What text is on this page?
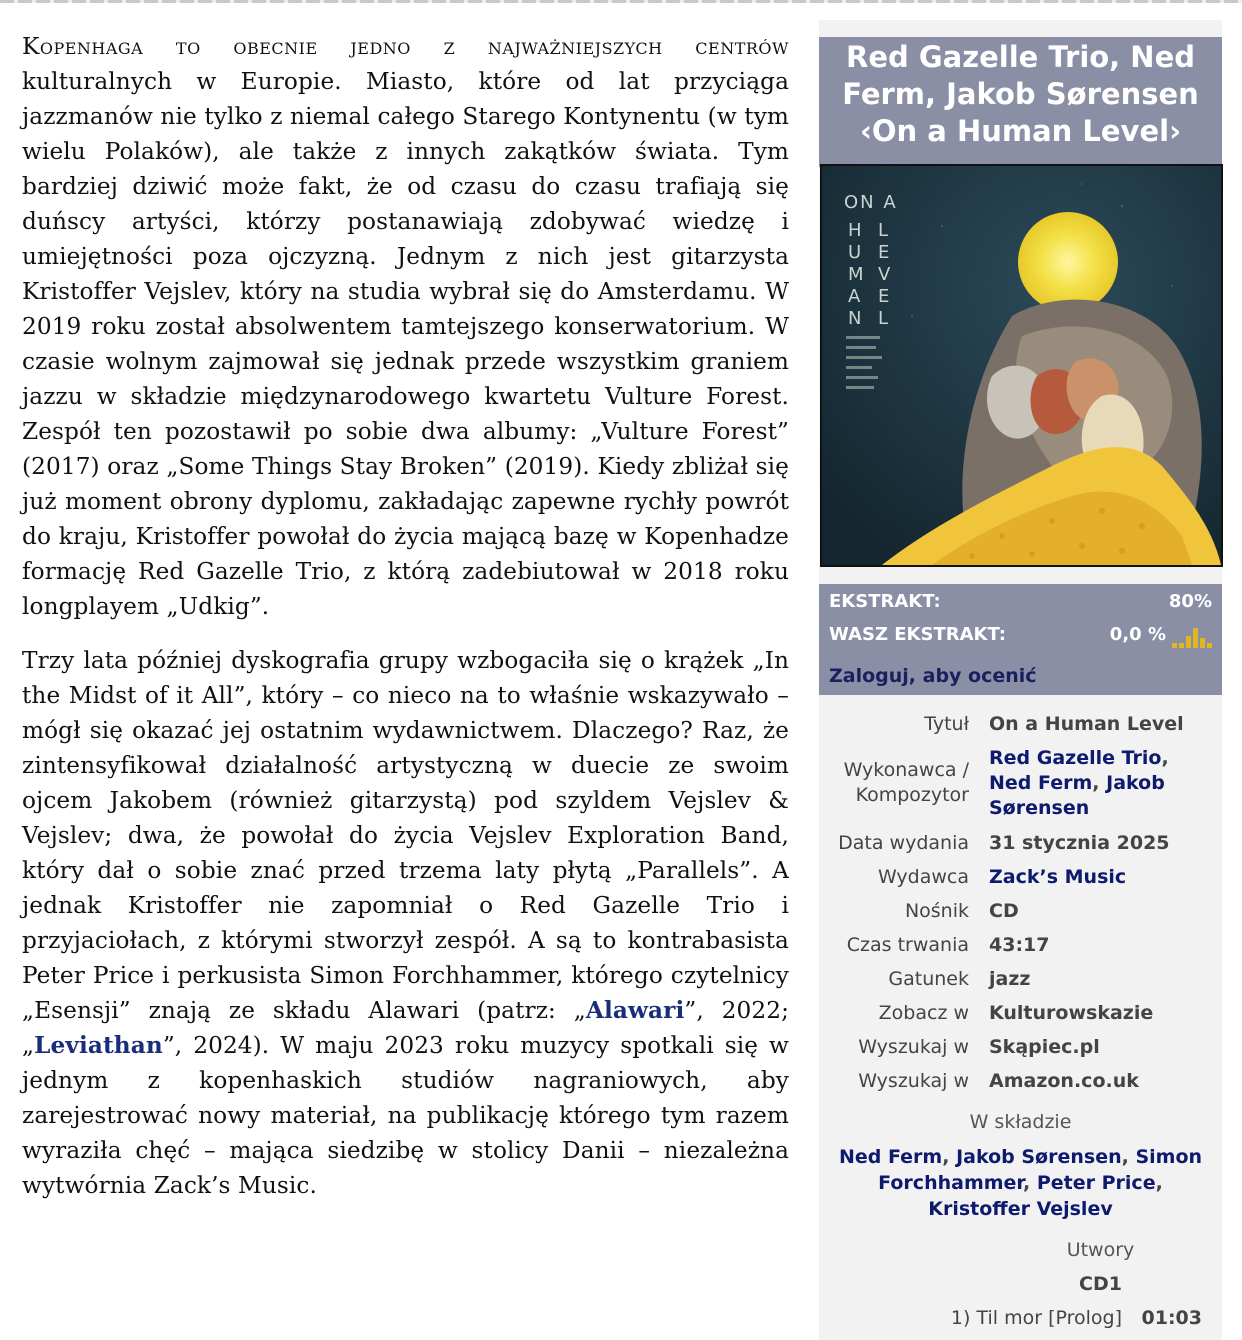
Kopenhaga to obecnie jedno z najważniejszych centrów kulturalnych w Europie. Miasto, które od lat przyciąga jazzmanów nie tylko z niemal całego Starego Kontynentu (w tym wielu Polaków), ale także z innych zakątków świata. Tym bardziej dziwić może fakt, że od czasu do czasu trafiają się duńscy artyści, którzy postanawiają zdobywać wiedzę i umiejętności poza ojczyzną. Jednym z nich jest gitarzysta Kristoffer Vejslev, który na studia wybrał się do Amsterdamu. W 2019 roku został absolwentem tamtejszego konserwatorium. W czasie wolnym zajmował się jednak przede wszystkim graniem jazzu w składzie międzynarodowego kwartetu Vulture Forest. Zespół ten pozostawił po sobie dwa albumy: „Vulture Forest” (2017) oraz „Some Things Stay Broken” (2019). Kiedy zbliżał się już moment obrony dyplomu, zakładając zapewne rychły powrót do kraju, Kristoffer powołał do życia mającą bazę w Kopenhadze formację Red Gazelle Trio, z którą zadebiutował w 2018 roku longplayem „Udkig”.

Trzy lata później dyskografia grupy wzbogaciła się o krążek „In the Midst of it All”, który – co nieco na to właśnie wskazywało – mógł się okazać jej ostatnim wydawnictwem. Dlaczego? Raz, że zintensyfikował działalność artystyczną w duecie ze swoim ojcem Jakobem (również gitarzystą) pod szyldem Vejslev & Vejslev; dwa, że powołał do życia Vejslev Exploration Band, który dał o sobie znać przed trzema laty płytą „Parallels”. A jednak Kristoffer nie zapomniał o Red Gazelle Trio i przyjaciołach, z którymi stworzył zespół. A są to kontrabasista Peter Price i perkusista Simon Forchhammer, którego czytelnicy „Esensji” znają ze składu Alawari (patrz: „Alawari”, 2022; „Leviathan”, 2024). W maju 2023 roku muzycy spotkali się w jednym z kopenhaskich studiów nagraniowych, aby zarejestrować nowy materiał, na publikację którego tym razem wyraziła chęć – mająca siedzibę w stolicy Danii – niezależna wytwórnia Zack’s Music.

Red Gazelle Trio, Ned
Ferm, Jakob Sørensen
‹On a Human Level›
ON A
H
U
M
A
N
L
E
V
E
L
EKSTRAKT:	80%
WASZ EKSTRAKT:	0,0 %
Zaloguj, aby ocenić
Tytuł On a Human Level
Wykonawca /
Kompozytor
Red Gazelle Trio, Ned Ferm, Jakob Sørensen
Data wydania 31 stycznia 2025
Wydawca Zack’s Music
Nośnik CD
Czas trwania 43:17
Gatunek jazz
Zobacz w Kulturowskazie
Wyszukaj w Skąpiec.pl
Wyszukaj w Amazon.co.uk
W składzie
Ned Ferm, Jakob Sørensen, Simon Forchhammer, Peter Price, Kristoffer Vejslev
Utwory
CD1
1) Til mor [Prolog] 01:03
